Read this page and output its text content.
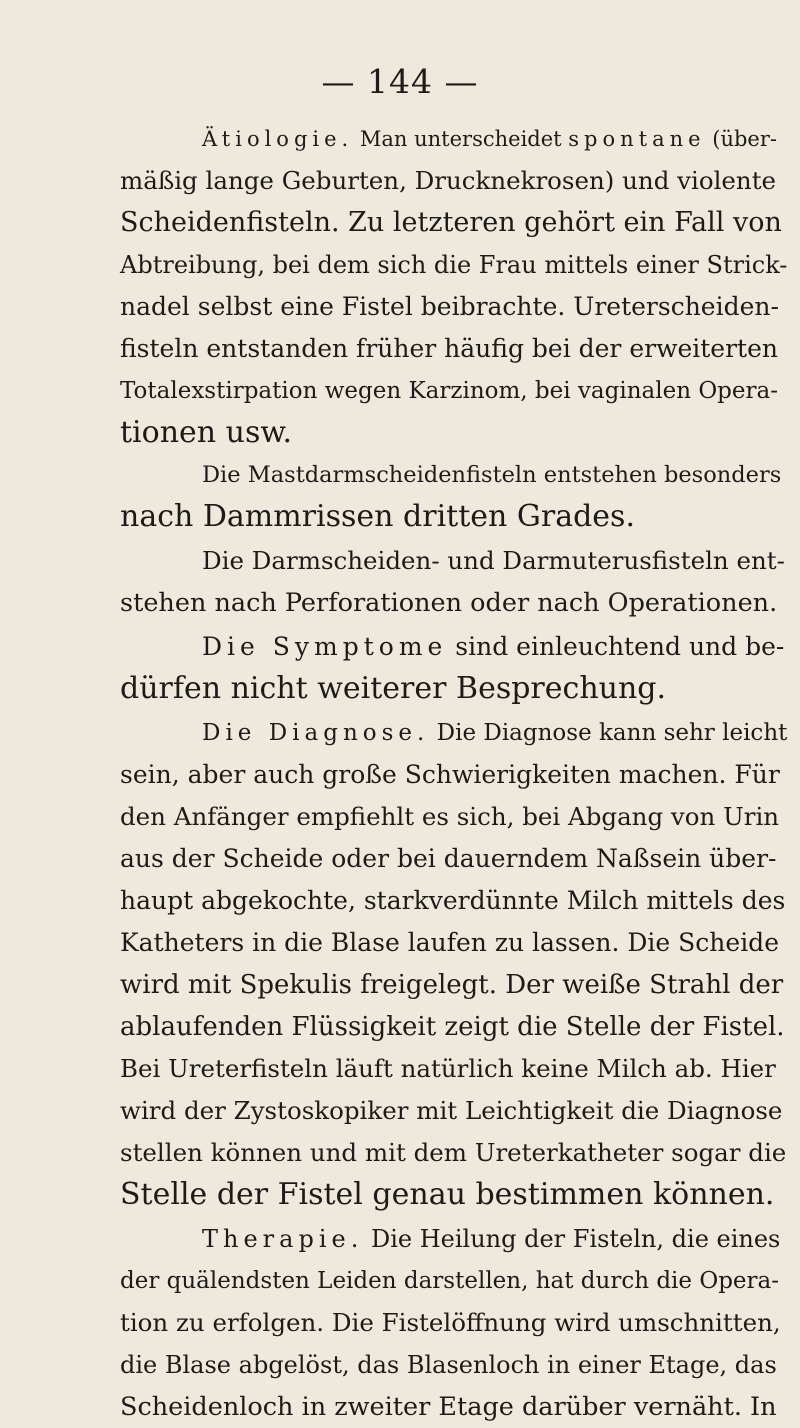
— 144 —
Ätiologie. Man unterscheidet spontane (über-
mäßig lange Geburten, Drucknekrosen) und violente
Scheidenfisteln. Zu letzteren gehört ein Fall von
Abtreibung, bei dem sich die Frau mittels einer Strick-
nadel selbst eine Fistel beibrachte. Ureterscheiden-
fisteln entstanden früher häufig bei der erweiterten
Totalexstirpation wegen Karzinom, bei vaginalen Opera-
tionen usw.
Die Mastdarmscheidenfisteln entstehen besonders
nach Dammrissen dritten Grades.
Die Darmscheiden- und Darmuterusfisteln ent-
stehen nach Perforationen oder nach Operationen.
Die Symptome sind einleuchtend und be-
dürfen nicht weiterer Besprechung.
Die Diagnose. Die Diagnose kann sehr leicht
sein, aber auch große Schwierigkeiten machen. Für
den Anfänger empfiehlt es sich, bei Abgang von Urin
aus der Scheide oder bei dauerndem Naßsein über-
haupt abgekochte, starkverdünnte Milch mittels des
Katheters in die Blase laufen zu lassen. Die Scheide
wird mit Spekulis freigelegt. Der weiße Strahl der
ablaufenden Flüssigkeit zeigt die Stelle der Fistel.
Bei Ureterfisteln läuft natürlich keine Milch ab. Hier
wird der Zystoskopiker mit Leichtigkeit die Diagnose
stellen können und mit dem Ureterkatheter sogar die
Stelle der Fistel genau bestimmen können.
Therapie. Die Heilung der Fisteln, die eines
der quälendsten Leiden darstellen, hat durch die Opera-
tion zu erfolgen. Die Fistelöffnung wird umschnitten,
die Blase abgelöst, das Blasenloch in einer Etage, das
Scheidenloch in zweiter Etage darüber vernäht. In
